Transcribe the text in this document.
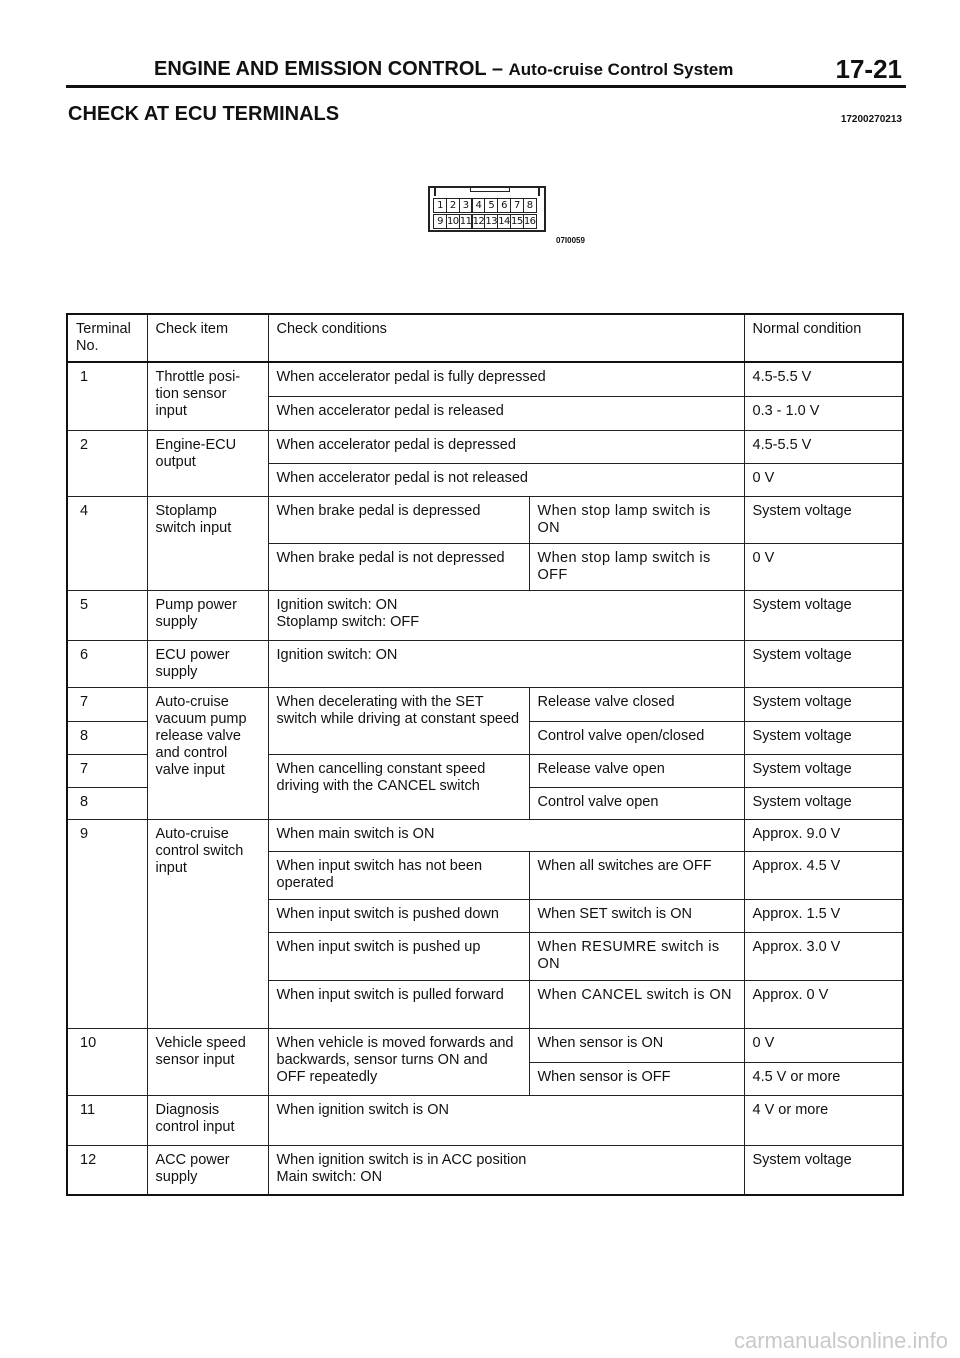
ENGINE AND EMISSION CONTROL – Auto-cruise Control System	17-21
CHECK AT ECU TERMINALS	17200270213
1 2 3 4 5 6 7 8
9 10 11 12 13 14 15 16
07I0059
Terminal No.	Check item	Check conditions		Normal condition
1	Throttle posi- tion sensor input	When accelerator pedal is fully depressed		4.5-5.5 V
		When accelerator pedal is released		0.3 - 1.0 V
2	Engine-ECU output	When accelerator pedal is depressed		4.5-5.5 V
		When accelerator pedal is not released		0 V
4	Stoplamp switch input	When brake pedal is depressed	When stop lamp switch is ON	System voltage
		When brake pedal is not depressed	When stop lamp switch is OFF	0 V
5	Pump power supply	Ignition switch: ON
Stoplamp switch: OFF		System voltage
6	ECU power supply	Ignition switch: ON		System voltage
7	Auto-cruise vacuum pump release valve and control valve input	When decelerating with the SET switch while driving at constant speed	Release valve closed	System voltage
8			Control valve open/closed	System voltage
7		When cancelling constant speed driving with the CANCEL switch	Release valve open	System voltage
8			Control valve open	System voltage
9	Auto-cruise control switch input	When main switch is ON		Approx. 9.0 V
		When input switch has not been operated	When all switches are OFF	Approx. 4.5 V
		When input switch is pushed down	When SET switch is ON	Approx. 1.5 V
		When input switch is pushed up	When RESUMRE switch is ON	Approx. 3.0 V
		When input switch is pulled forward	When CANCEL switch is ON	Approx. 0 V
10	Vehicle speed sensor input	When vehicle is moved forwards and backwards, sensor turns ON and OFF repeatedly	When sensor is ON	0 V
			When sensor is OFF	4.5 V or more
11	Diagnosis control input	When ignition switch is ON		4 V or more
12	ACC power supply	When ignition switch is in ACC position
Main switch: ON		System voltage
carmanualsonline.info
